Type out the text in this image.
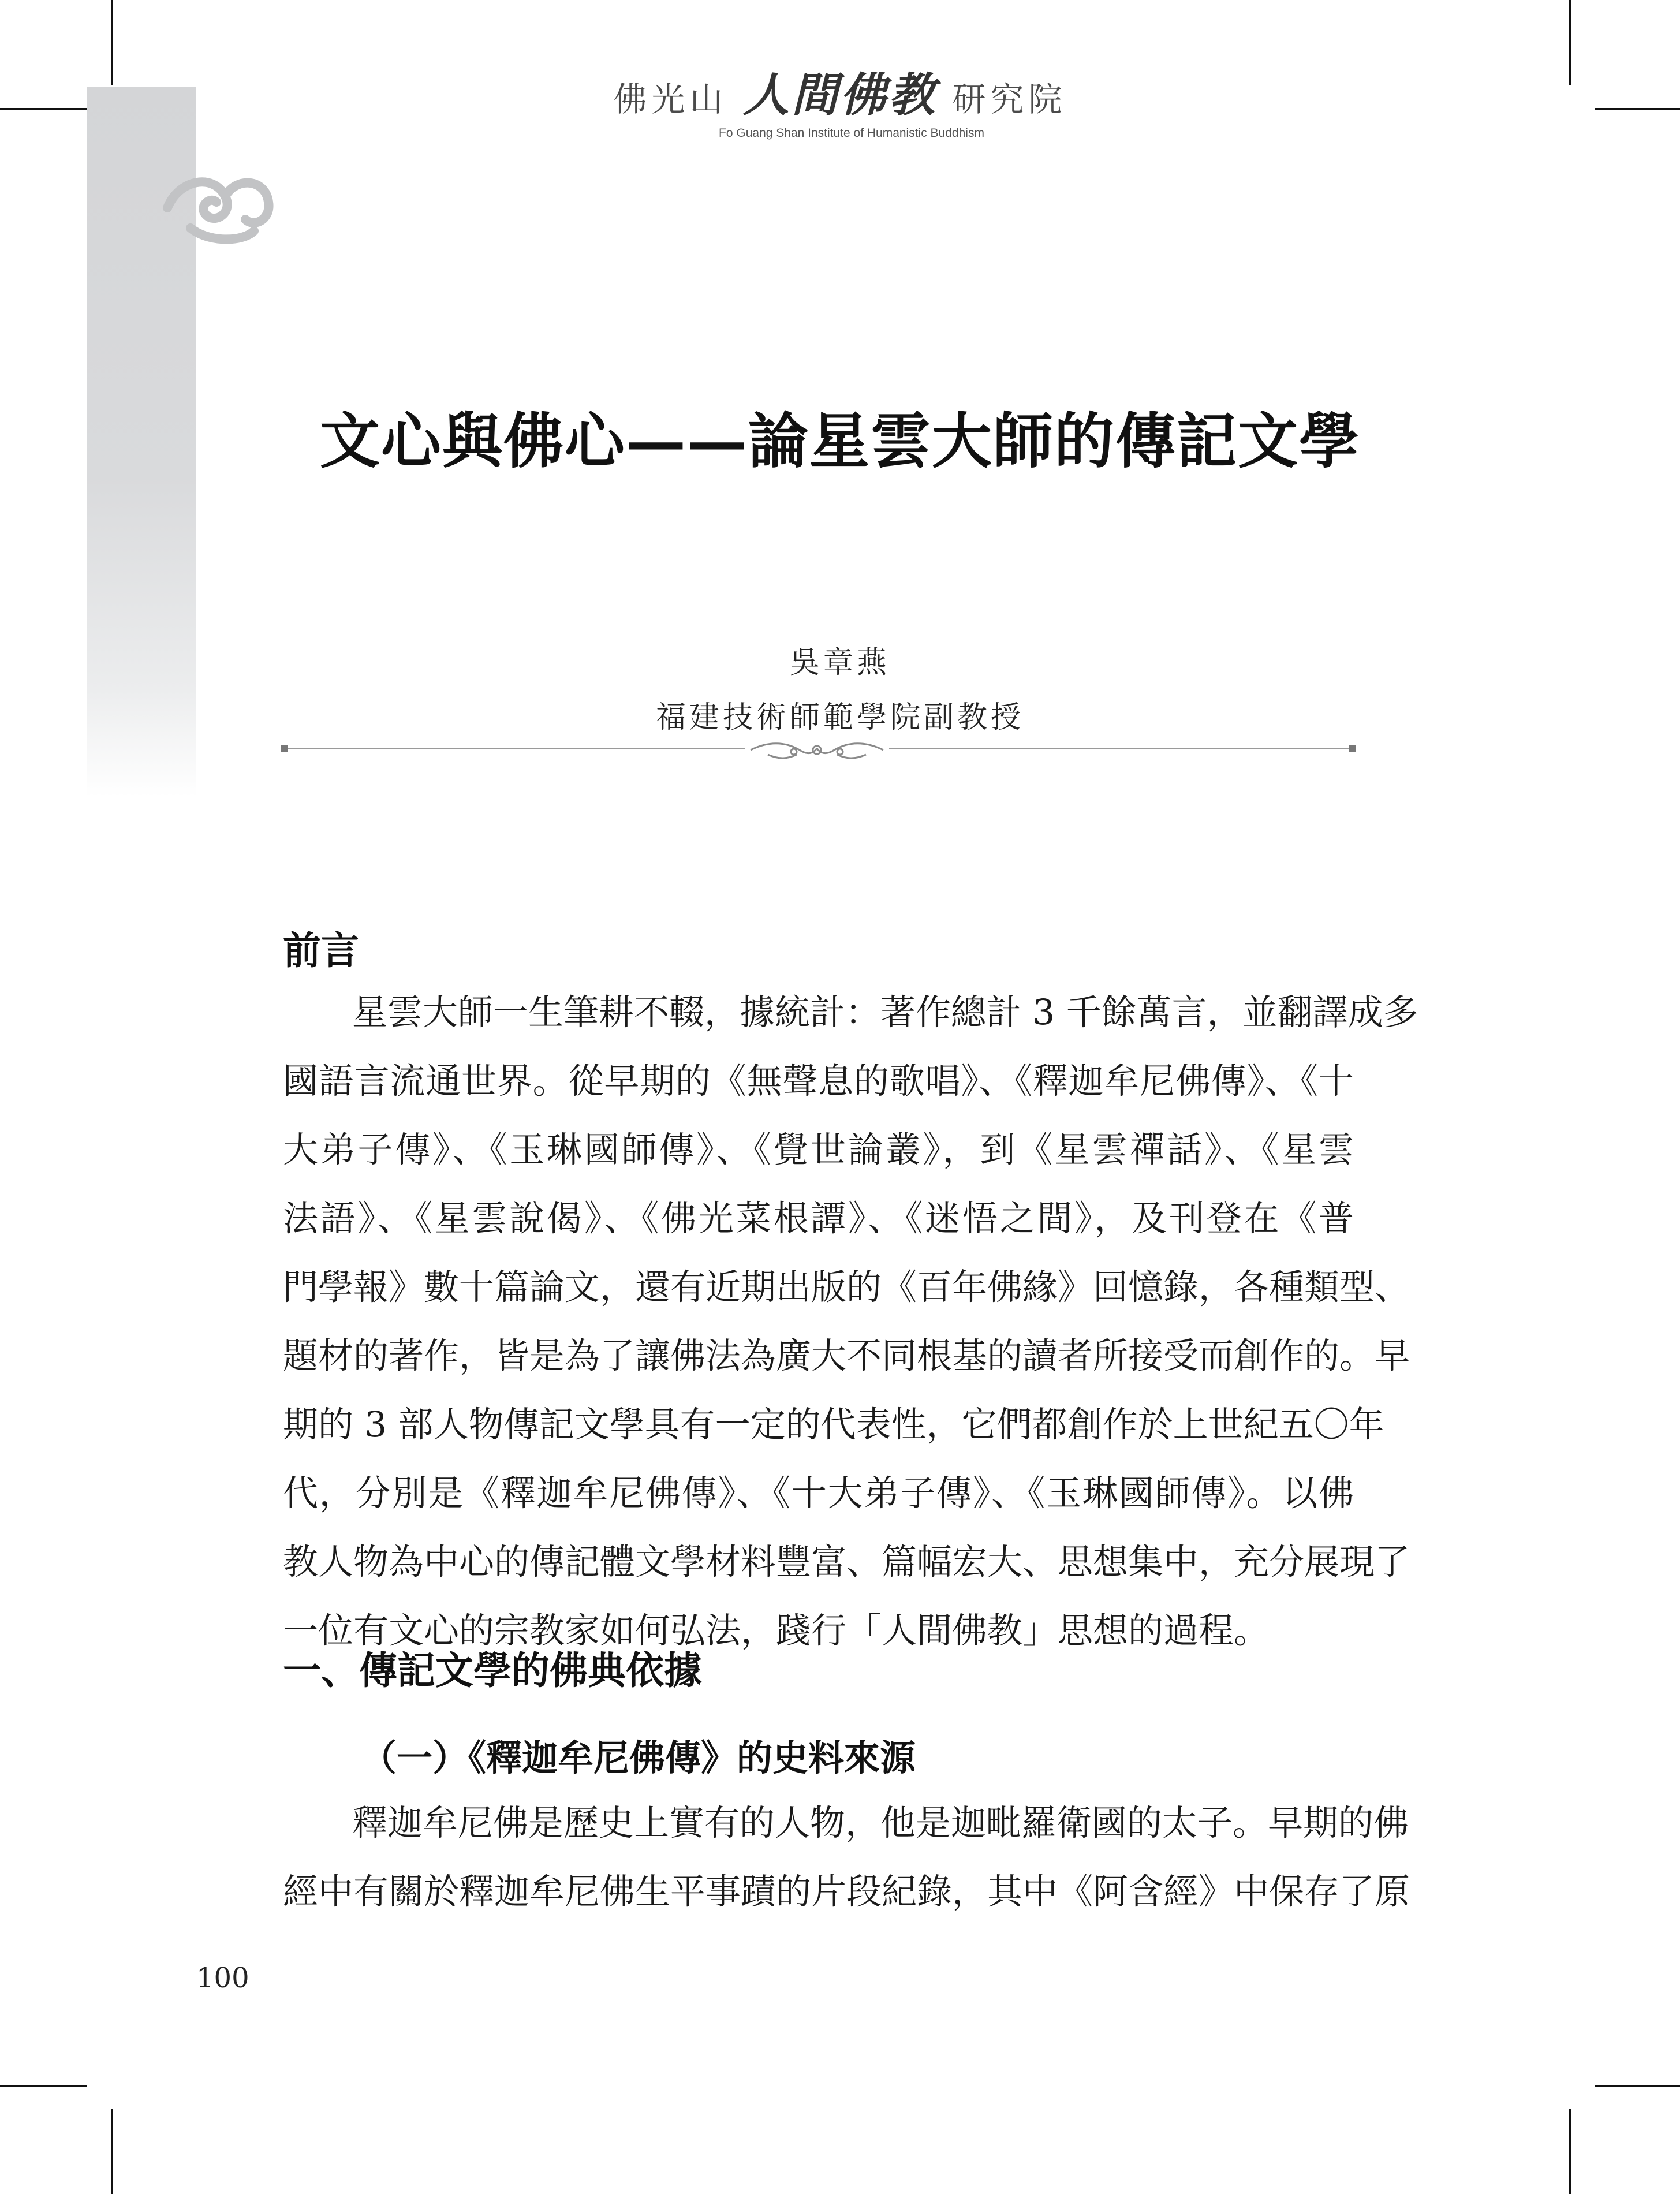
佛光山 人間佛教 研究院
Fo Guang Shan Institute of Humanistic Buddhism
文心與佛心——論星雲大師的傳記文學
吳章燕
福建技術師範學院副教授
前言
星雲大師一生筆耕不輟，據統計：著作總計 3 千餘萬言，並翻譯成多
國語言流通世界。從早期的《無聲息的歌唱》、《釋迦牟尼佛傳》、《十
大弟子傳》、《玉琳國師傳》、《覺世論叢》，到《星雲禪話》、《星雲
法語》、《星雲說偈》、《佛光菜根譚》、《迷悟之間》，及刊登在《普
門學報》數十篇論文，還有近期出版的《百年佛緣》回憶錄，各種類型、
題材的著作，皆是為了讓佛法為廣大不同根基的讀者所接受而創作的。早
期的 3 部人物傳記文學具有一定的代表性，它們都創作於上世紀五〇年
代，分別是《釋迦牟尼佛傳》、《十大弟子傳》、《玉琳國師傳》。以佛
教人物為中心的傳記體文學材料豐富、篇幅宏大、思想集中，充分展現了
一位有文心的宗教家如何弘法，踐行「人間佛教」思想的過程。
一、傳記文學的佛典依據
（一）《釋迦牟尼佛傳》的史料來源
釋迦牟尼佛是歷史上實有的人物，他是迦毗羅衛國的太子。早期的佛
經中有關於釋迦牟尼佛生平事蹟的片段紀錄，其中《阿含經》中保存了原
100
